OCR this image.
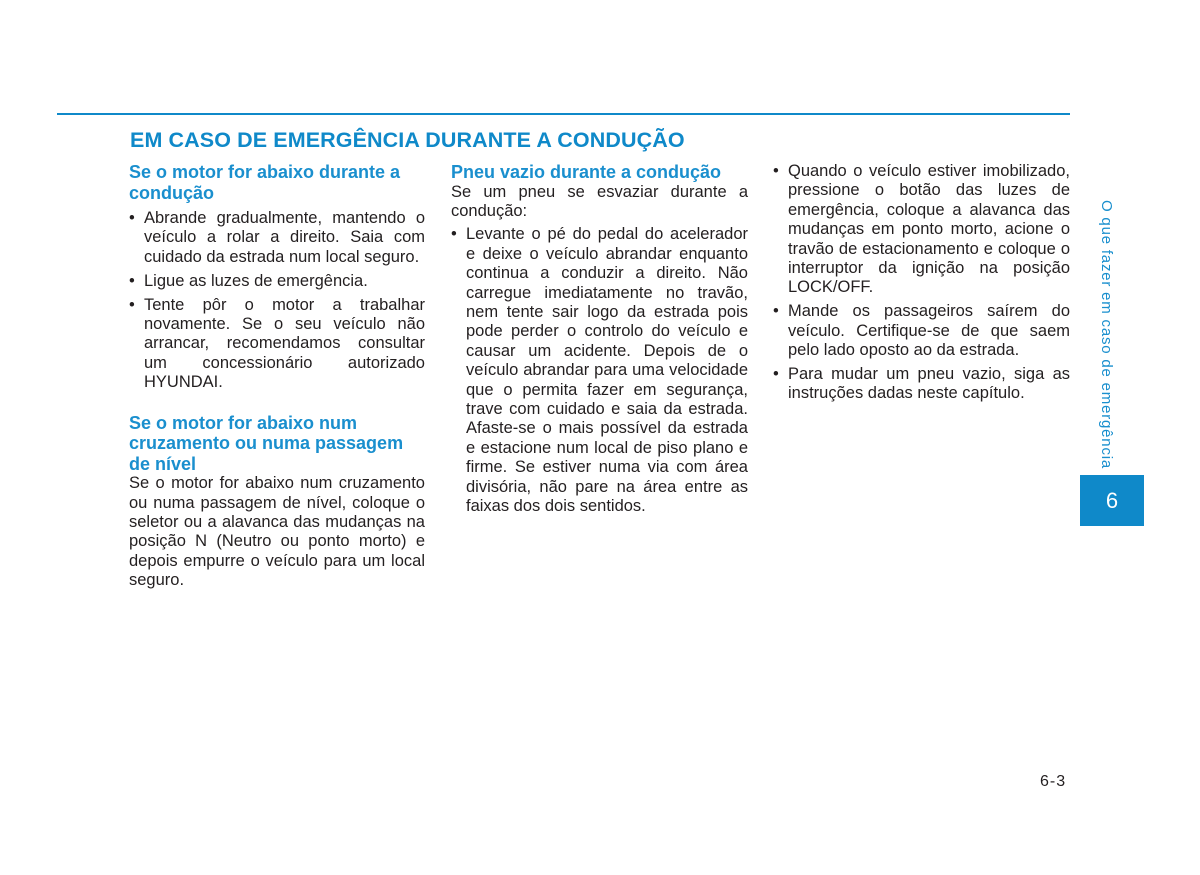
EM CASO DE EMERGÊNCIA DURANTE A CONDUÇÃO
Se o motor for abaixo durante a condução
• Abrande gradualmente, mantendo o veículo a rolar a direito. Saia com cuidado da estrada num local seguro.
• Ligue as luzes de emergência.
• Tente pôr o motor a trabalhar novamente. Se o seu veículo não arrancar, recomendamos consultar um concessionário autorizado HYUNDAI.
Se o motor for abaixo num cruzamento ou numa passagem de nível

Se o motor for abaixo num cruzamento ou numa passagem de nível, coloque o seletor ou a alavanca das mudanças na posição N (Neutro ou ponto morto) e depois empurre o veículo para um local seguro.

Pneu vazio durante a condução

Se um pneu se esvaziar durante a condução:

• Levante o pé do pedal do acelerador e deixe o veículo abrandar enquanto continua a conduzir a direito. Não carregue imediatamente no travão, nem tente sair logo da estrada pois pode perder o controlo do veículo e causar um acidente. Depois de o veículo abrandar para uma velocidade que o permita fazer em segurança, trave com cuidado e saia da estrada. Afaste-se o mais possível da estrada e estacione num local de piso plano e firme. Se estiver numa via com área divisória, não pare na área entre as faixas dos dois sentidos.
• Quando o veículo estiver imobilizado, pressione o botão das luzes de emergência, coloque a alavanca das mudanças em ponto morto, acione o travão de estacionamento e coloque o interruptor da ignição na posição LOCK/OFF.
• Mande os passageiros saírem do veículo. Certifique-se de que saem pelo lado oposto ao da estrada.
• Para mudar um pneu vazio, siga as instruções dadas neste capítulo.	O que fazer em caso de emergência
6
6-3
